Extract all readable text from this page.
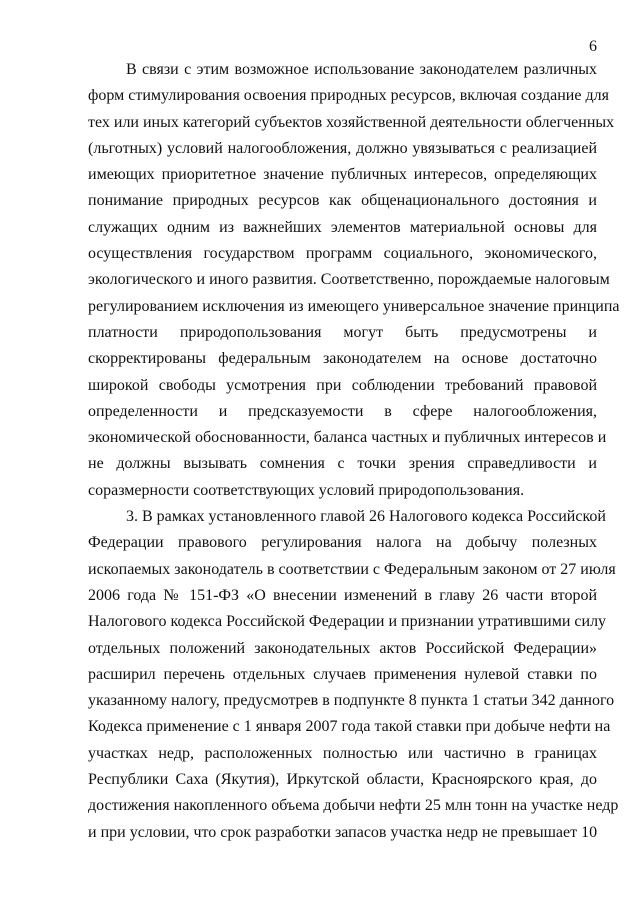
6
В связи с этим возможное использование законодателем различных
форм стимулирования освоения природных ресурсов, включая создание для
тех или иных категорий субъектов хозяйственной деятельности облегченных
(льготных) условий налогообложения, должно увязываться с реализацией
имеющих приоритетное значение публичных интересов, определяющих
понимание природных ресурсов как общенационального достояния и
служащих одним из важнейших элементов материальной основы для
осуществления государством программ социального, экономического,
экологического и иного развития. Соответственно, порождаемые налоговым
регулированием исключения из имеющего универсальное значение принципа
платности природопользования могут быть предусмотрены и
скорректированы федеральным законодателем на основе достаточно
широкой свободы усмотрения при соблюдении требований правовой
определенности и предсказуемости в сфере налогообложения,
экономической обоснованности, баланса частных и публичных интересов и
не должны вызывать сомнения с точки зрения справедливости и
соразмерности соответствующих условий природопользования.
3. В рамках установленного главой 26 Налогового кодекса Российской
Федерации правового регулирования налога на добычу полезных
ископаемых законодатель в соответствии с Федеральным законом от 27 июля
2006 года № 151-ФЗ «О внесении изменений в главу 26 части второй
Налогового кодекса Российской Федерации и признании утратившими силу
отдельных положений законодательных актов Российской Федерации»
расширил перечень отдельных случаев применения нулевой ставки по
указанному налогу, предусмотрев в подпункте 8 пункта 1 статьи 342 данного
Кодекса применение с 1 января 2007 года такой ставки при добыче нефти на
участках недр, расположенных полностью или частично в границах
Республики Саха (Якутия), Иркутской области, Красноярского края, до
достижения накопленного объема добычи нефти 25 млн тонн на участке недр
и при условии, что срок разработки запасов участка недр не превышает 10
